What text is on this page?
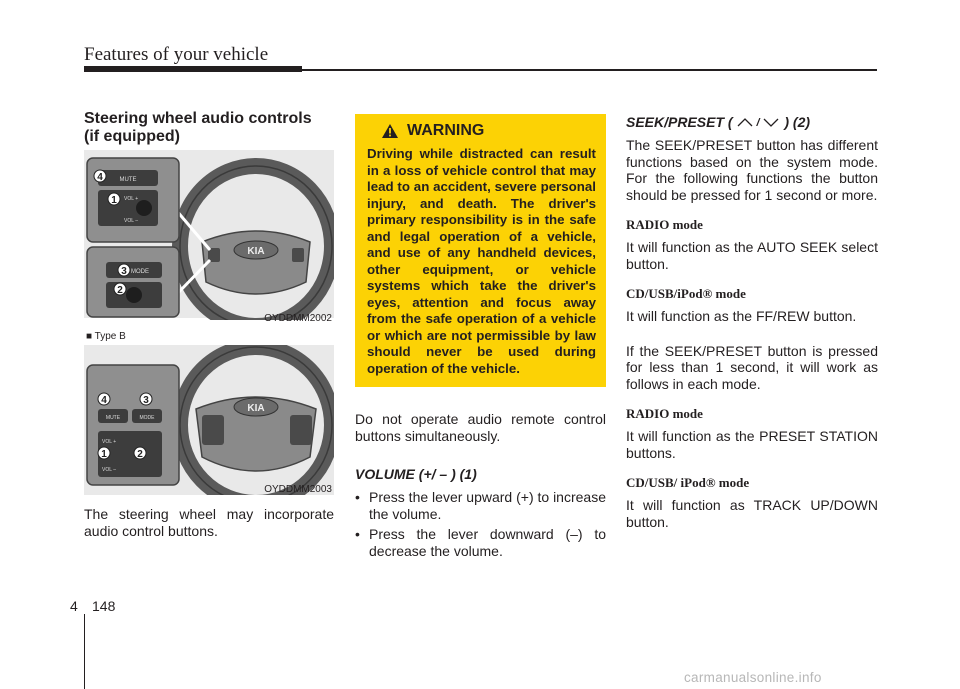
Features of your vehicle
Steering wheel audio controls
(if equipped)
KIA
MUTE
VOL +
VOL –
4
1
MODE
3
2
OYDDMM2002
■ Type B
KIA
MUTE	MODE
VOL +
VOL –
4	3
1	2
OYDDMM2003

The steering wheel may incorporate audio control buttons.

WARNING

Driving while distracted can result in a loss of vehicle control that may lead to an accident, severe personal injury, and death. The driver's primary responsibility is in the safe and legal operation of a vehicle, and use of any handheld devices, other equipment, or vehicle systems which take the driver's eyes, attention and focus away from the safe operation of a vehicle or which are not permissible by law should never be used during operation of the vehicle.

Do not operate audio remote control buttons simultaneously.

VOLUME (+/ – ) (1)

• Press the lever upward (+) to increase the volume.
• Press the lever downward (–) to decrease the volume.

SEEK/PRESET ( / ) (2)

The SEEK/PRESET button has different functions based on the system mode. For the following functions the button should be pressed for 1 second or more.

RADIO mode

It will function as the AUTO SEEK select button.

CD/USB/iPod® mode

It will function as the FF/REW button.

If the SEEK/PRESET button is pressed for less than 1 second, it will work as follows in each mode.

RADIO mode

It will function as the PRESET STATION buttons.

CD/USB/ iPod® mode

It will function as TRACK UP/DOWN button.

4 148
carmanualsonline.info
